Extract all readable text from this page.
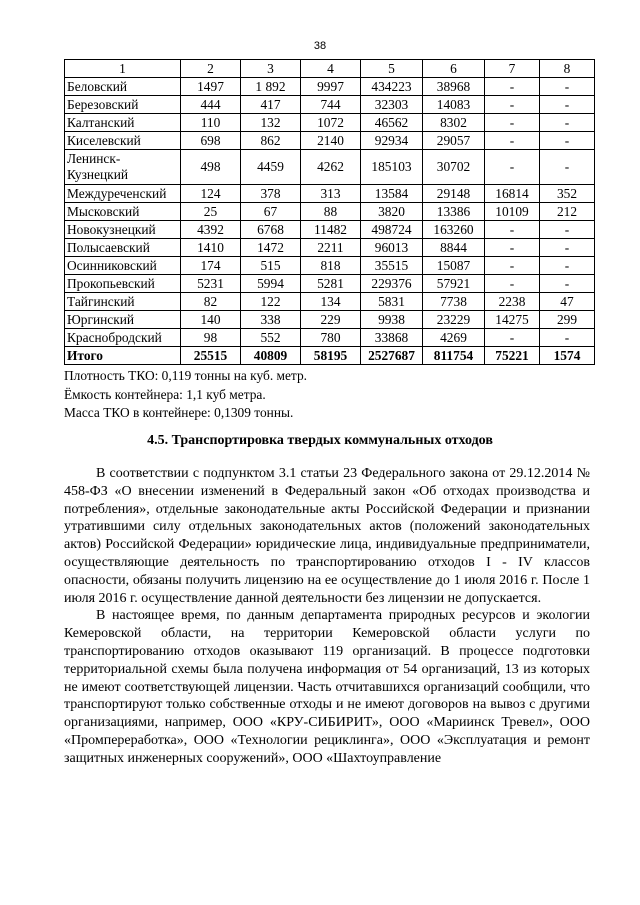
38
1	2	3	4	5	6	7	8
Беловский	1497	1 892	9997	434223	38968	-	-
Березовский	444	417	744	32303	14083	-	-
Калтанский	110	132	1072	46562	8302	-	-
Киселевский	698	862	2140	92934	29057	-	-
Ленинск-Кузнецкий	498	4459	4262	185103	30702	-	-
Междуреченский	124	378	313	13584	29148	16814	352
Мысковский	25	67	88	3820	13386	10109	212
Новокузнецкий	4392	6768	11482	498724	163260	-	-
Полысаевский	1410	1472	2211	96013	8844	-	-
Осинниковский	174	515	818	35515	15087	-	-
Прокопьевский	5231	5994	5281	229376	57921	-	-
Тайгинский	82	122	134	5831	7738	2238	47
Юргинский	140	338	229	9938	23229	14275	299
Краснобродский	98	552	780	33868	4269	-	-
Итого	25515	40809	58195	2527687	811754	75221	1574
Плотность ТКО: 0,119 тонны на куб. метр.
Ёмкость контейнера: 1,1 куб метра.
Масса ТКО в контейнере: 0,1309 тонны.
4.5. Транспортировка твердых коммунальных отходов

В соответствии с подпунктом 3.1 статьи 23 Федерального закона от 29.12.2014 № 458-ФЗ «О внесении изменений в Федеральный закон «Об отходах производства и потребления», отдельные законодательные акты Российской Федерации и признании утратившими силу отдельных законодательных актов (положений законодательных актов) Российской Федерации» юридические лица, индивидуальные предприниматели, осуществляющие деятельность по транспортированию отходов I - IV классов опасности, обязаны получить лицензию на ее осуществление до 1 июля 2016 г. После 1 июля 2016 г. осуществление данной деятельности без лицензии не допускается.

В настоящее время, по данным департамента природных ресурсов и экологии Кемеровской области, на территории Кемеровской области услуги по транспортированию отходов оказывают 119 организаций. В процессе подготовки территориальной схемы была получена информация от 54 организаций, 13 из которых не имеют соответствующей лицензии. Часть отчитавшихся организаций сообщили, что транспортируют только собственные отходы и не имеют договоров на вывоз с другими организациями, например, ООО «КРУ-СИБИРИТ», ООО «Мариинск Тревел», ООО «Промпереработка», ООО «Технологии рециклинга», ООО «Эксплуатация и ремонт защитных инженерных сооружений», ООО «Шахтоуправление
